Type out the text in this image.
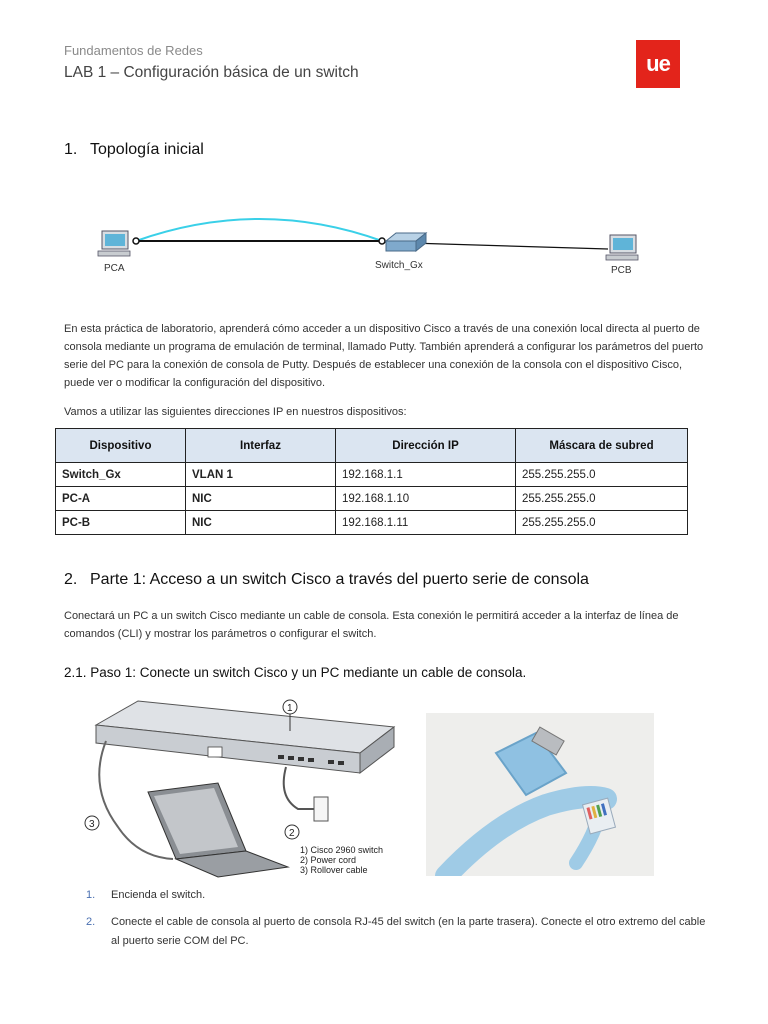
Fundamentos de Redes
LAB 1 – Configuración básica de un switch	ue
1. Topología inicial
PCA	Switch_Gx	PCB

En esta práctica de laboratorio, aprenderá cómo acceder a un dispositivo Cisco a través de una conexión local directa al puerto de consola mediante un programa de emulación de terminal, llamado Putty. También aprenderá a configurar los parámetros del puerto serie del PC para la conexión de consola de Putty. Después de establecer una conexión de la consola con el dispositivo Cisco, puede ver o modificar la configuración del dispositivo.

Vamos a utilizar las siguientes direcciones IP en nuestros dispositivos:

Dispositivo	Interfaz	Dirección IP	Máscara de subred
Switch_Gx	VLAN 1	192.168.1.1	255.255.255.0
PC-A	NIC	192.168.1.10	255.255.255.0
PC-B	NIC	192.168.1.11	255.255.255.0
2. Parte 1: Acceso a un switch Cisco a través del puerto serie de consola

Conectará un PC a un switch Cisco mediante un cable de consola. Esta conexión le permitirá acceder a la interfaz de línea de comandos (CLI) y mostrar los parámetros o configurar el switch.

2.1. Paso 1: Conecte un switch Cisco y un PC mediante un cable de consola.
1
2
3
1) Cisco 2960 switch
2) Power cord
3) Rollover cable
1. Encienda el switch.
2. Conecte el cable de consola al puerto de consola RJ-45 del switch (en la parte trasera). Conecte el otro extremo del cable al puerto serie COM del PC.
